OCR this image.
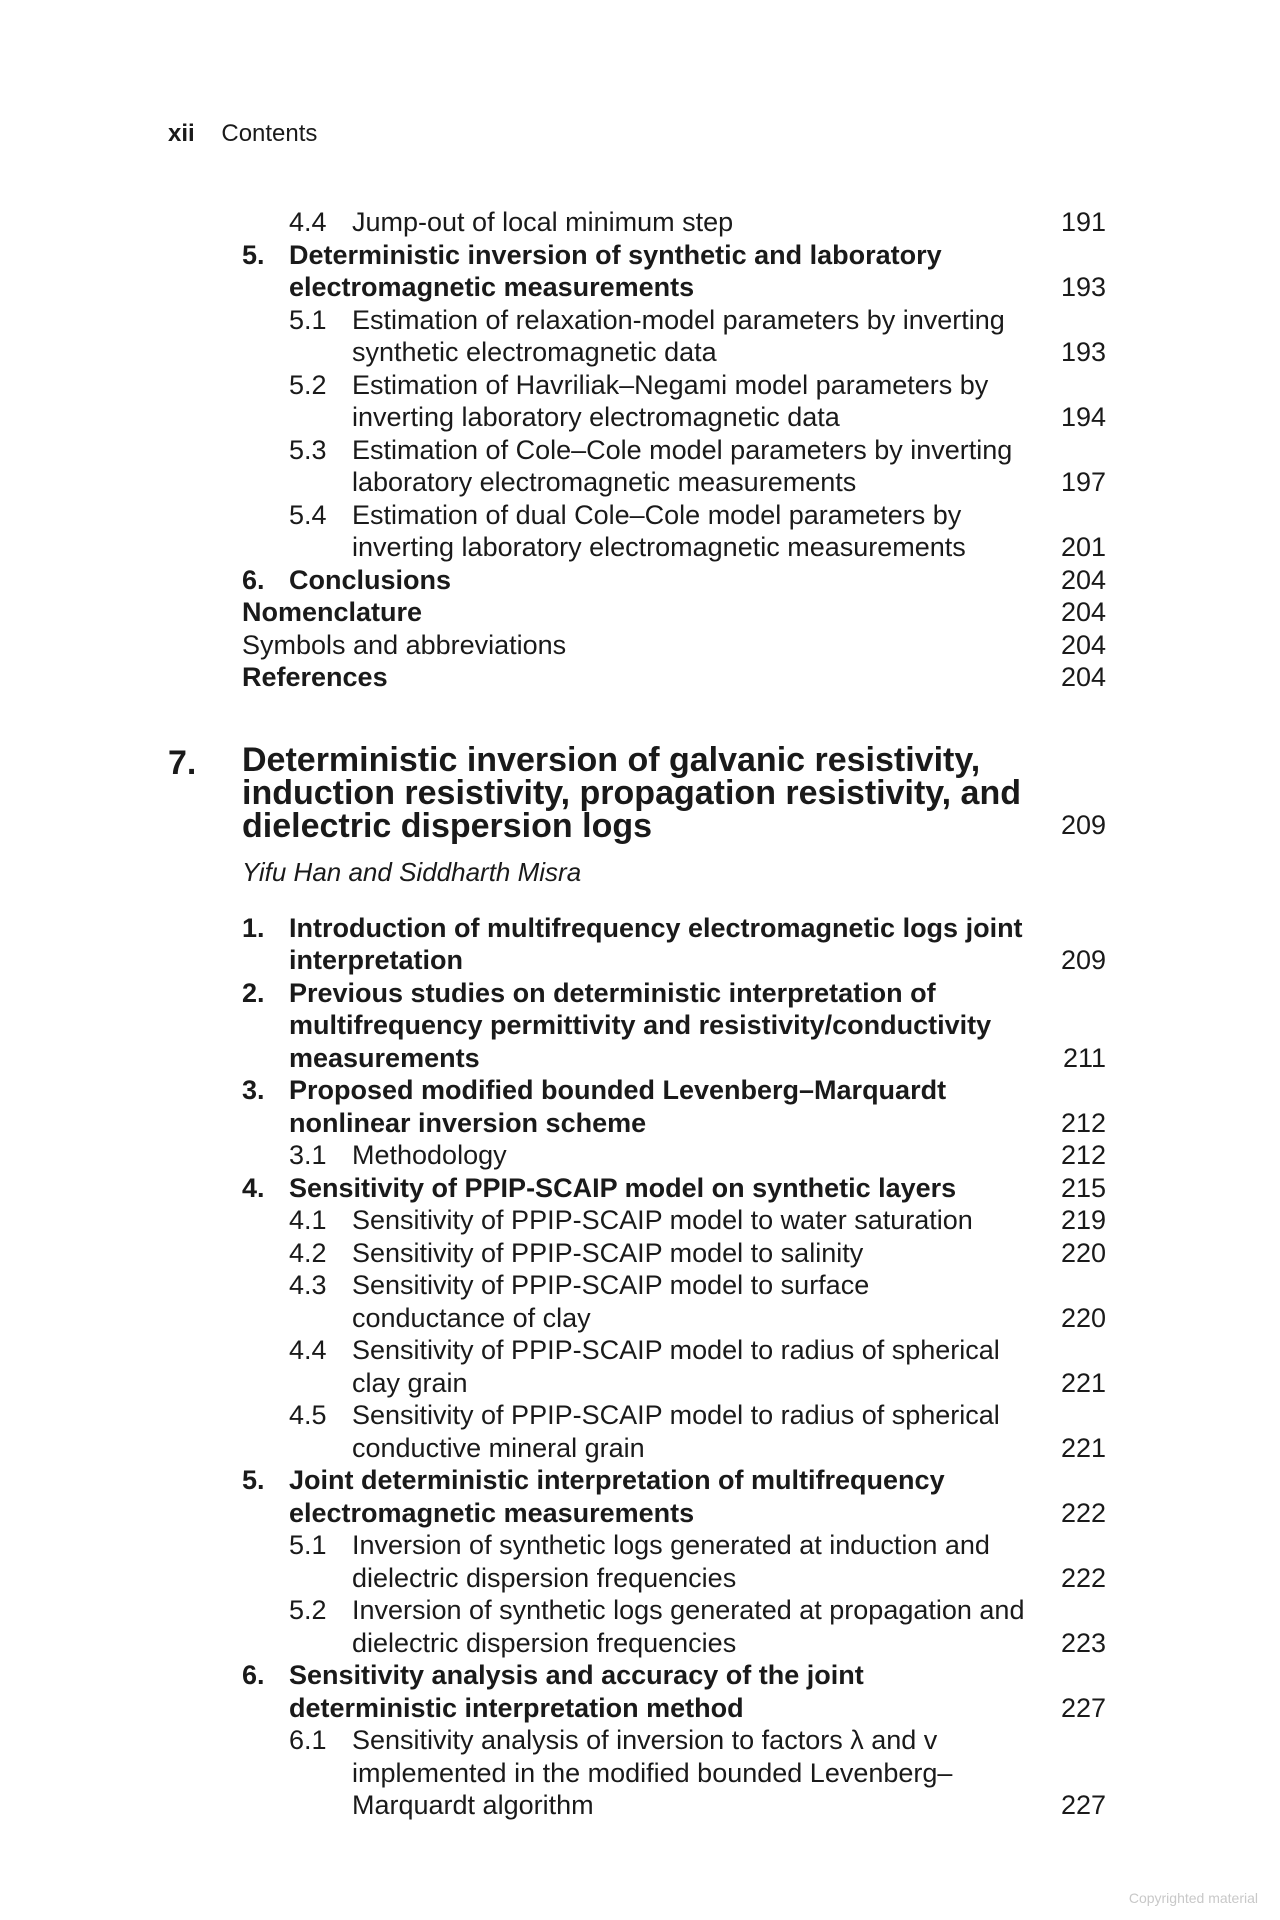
xii Contents
4.4 Jump-out of local minimum step	191
5. Deterministic inversion of synthetic and laboratory electromagnetic measurements	193
5.1 Estimation of relaxation-model parameters by inverting synthetic electromagnetic data	193
5.2 Estimation of Havriliak–Negami model parameters by inverting laboratory electromagnetic data	194
5.3 Estimation of Cole–Cole model parameters by inverting laboratory electromagnetic measurements	197
5.4 Estimation of dual Cole–Cole model parameters by inverting laboratory electromagnetic measurements	201
6. Conclusions	204
Nomenclature	204
Symbols and abbreviations	204
References	204
7. Deterministic inversion of galvanic resistivity, induction resistivity, propagation resistivity, and dielectric dispersion logs	209
Yifu Han and Siddharth Misra
1. Introduction of multifrequency electromagnetic logs joint interpretation	209
2. Previous studies on deterministic interpretation of multifrequency permittivity and resistivity/conductivity measurements	211
3. Proposed modified bounded Levenberg–Marquardt nonlinear inversion scheme	212
3.1 Methodology	212
4. Sensitivity of PPIP-SCAIP model on synthetic layers	215
4.1 Sensitivity of PPIP-SCAIP model to water saturation	219
4.2 Sensitivity of PPIP-SCAIP model to salinity	220
4.3 Sensitivity of PPIP-SCAIP model to surface conductance of clay	220
4.4 Sensitivity of PPIP-SCAIP model to radius of spherical clay grain	221
4.5 Sensitivity of PPIP-SCAIP model to radius of spherical conductive mineral grain	221
5. Joint deterministic interpretation of multifrequency electromagnetic measurements	222
5.1 Inversion of synthetic logs generated at induction and dielectric dispersion frequencies	222
5.2 Inversion of synthetic logs generated at propagation and dielectric dispersion frequencies	223
6. Sensitivity analysis and accuracy of the joint deterministic interpretation method	227
6.1 Sensitivity analysis of inversion to factors λ and v implemented in the modified bounded Levenberg–Marquardt algorithm	227
Copyrighted material
